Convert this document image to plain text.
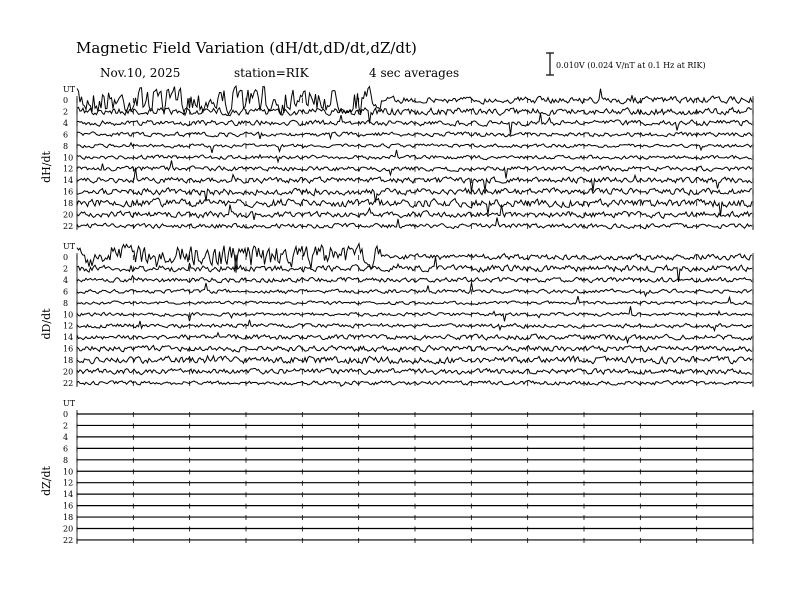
Magnetic Field Variation (dH/dt,dD/dt,dZ/dt)
Nov.10, 2025	station=RIK	4 sec averages
0.010V (0.024 V/nT at 0.1 Hz at RIK)
UT
dH/dt
0
2
4
6
8
10
12
14
16
18
20
22
UT
dD/dt
0
2
4
6
8
10
12
14
16
18
20
22
UT
dZ/dt
0
2
4
6
8
10
12
14
16
18
20
22
